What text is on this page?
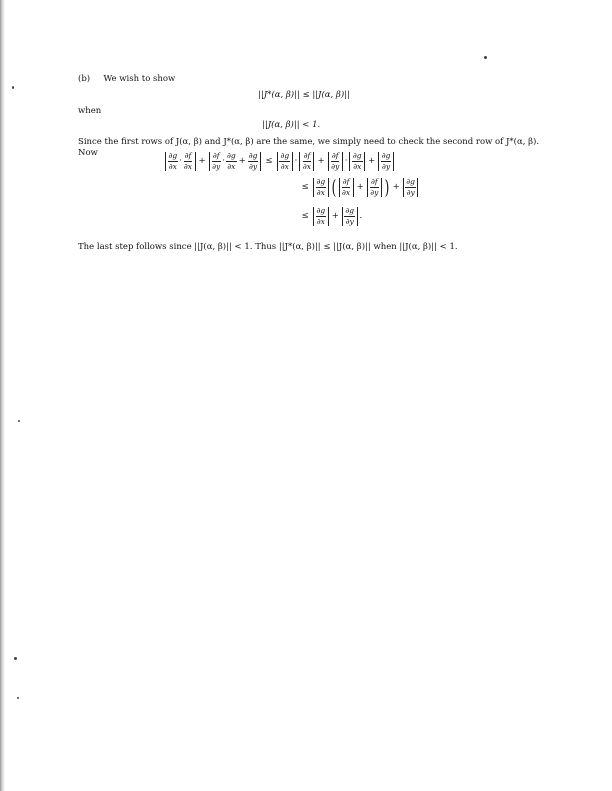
(b) We wish to show
||J*(α, β)|| ≤ ||J(α, β)||
when
||J(α, β)|| < 1.
Since the first rows of J(α, β) and J*(α, β) are the same, we simply need to check the second row of J*(α, β).
Now	$\frac{\partial g}{\partial x} \cdot \frac{\partial f}{\partial x} + \frac{\partial f}{\partial y} \cdot \frac{\partial g}{\partial x} + \frac{\partial g}{\partial y} \le \frac{\partial g}{\partial x} \cdot \frac{\partial f}{\partial x} + \frac{\partial f}{\partial y} \cdot \frac{\partial g}{\partial x} + \frac{\partial g}{\partial y}$
≤ $\frac{\partial g}{\partial x}$ ( $\frac{\partial f}{\partial x} + \frac{\partial f}{\partial y}$ ) + $\frac{\partial g}{\partial y}$
≤ $\frac{\partial g}{\partial x} + \frac{\partial g}{\partial y}$ .
The last step follows since ||J(α, β)|| < 1. Thus ||J*(α, β)|| ≤ ||J(α, β)|| when ||J(α, β)|| < 1.
